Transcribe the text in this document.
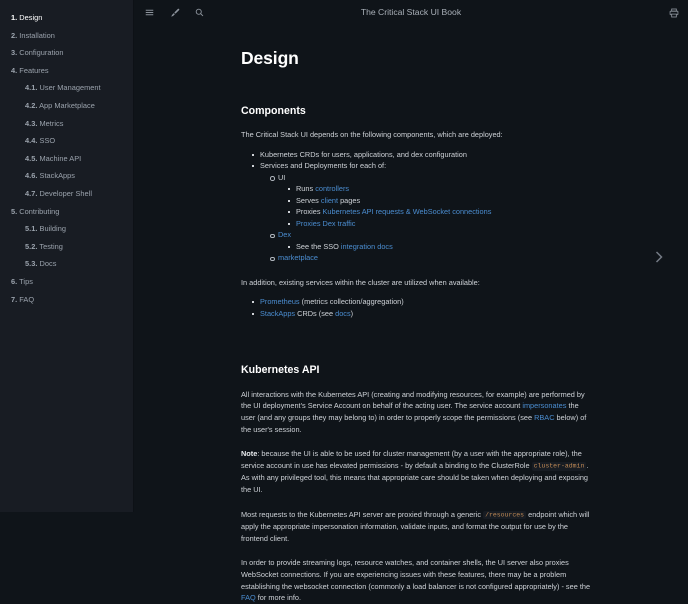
1. Design
2. Installation
3. Configuration
4. Features
4.1. User Management
4.2. App Marketplace
4.3. Metrics
4.4. SSO
4.5. Machine API
4.6. StackApps
4.7. Developer Shell
5. Contributing
5.1. Building
5.2. Testing
5.3. Docs
6. Tips
7. FAQ
The Critical Stack UI Book
Design
Components

The Critical Stack UI depends on the following components, which are deployed:

Kubernetes CRDs for users, applications, and dex configuration
Services and Deployments for each of:
UI
Runs controllers
Serves client pages
Proxies Kubernetes API requests & WebSocket connections
Proxies Dex traffic
Dex
See the SSO integration docs
marketplace

In addition, existing services within the cluster are utilized when available:

Prometheus (metrics collection/aggregation)
StackApps CRDs (see docs)
Kubernetes API

All interactions with the Kubernetes API (creating and modifying resources, for example) are performed by the UI deployment's Service Account on behalf of the acting user. The service account impersonates the user (and any groups they may belong to) in order to properly scope the permissions (see RBAC below) of the user's session.

Note: because the UI is able to be used for cluster management (by a user with the appropriate role), the service account in use has elevated permissions - by default a binding to the ClusterRole cluster-admin . As with any privileged tool, this means that appropriate care should be taken when deploying and exposing the UI.

Most requests to the Kubernetes API server are proxied through a generic /resources endpoint which will apply the appropriate impersonation information, validate inputs, and format the output for use by the frontend client.

In order to provide streaming logs, resource watches, and container shells, the UI server also proxies WebSocket connections. If you are experiencing issues with these features, there may be a problem establishing the websocket connection (commonly a load balancer is not configured appropriately) - see the FAQ for more info.
